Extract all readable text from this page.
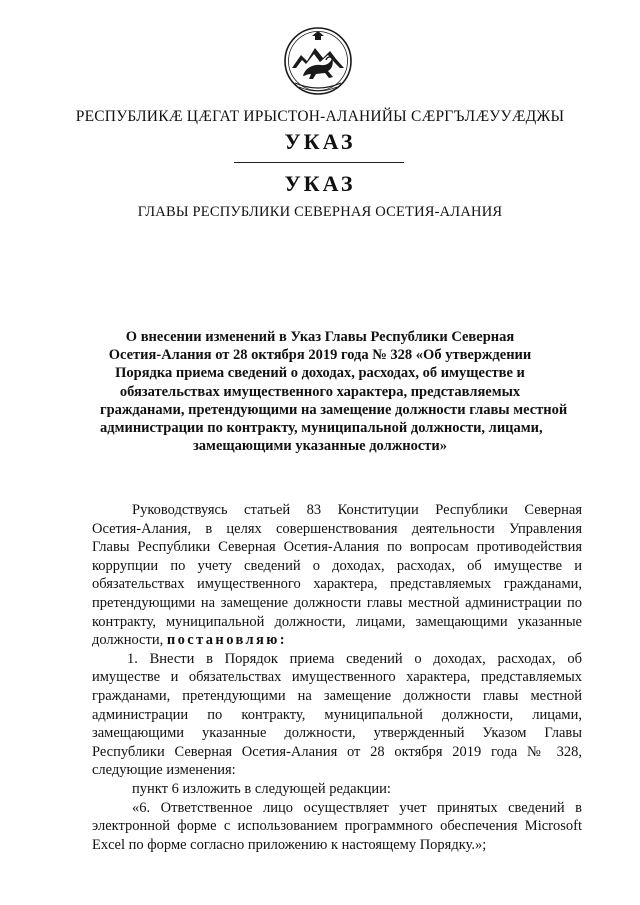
РЕСПУБЛИКӔ ЦӔГАТ ИРЫСТОН-АЛАНИЙЫ СӔРГЪЛӔУУӔДЖЫ
УКАЗ
УКАЗ
ГЛАВЫ РЕСПУБЛИКИ СЕВЕРНАЯ ОСЕТИЯ-АЛАНИЯ
О внесении изменений в Указ Главы Республики Северная
Осетия-Алания от 28 октября 2019 года № 328 «Об утверждении
Порядка приема сведений о доходах, расходах, об имуществе и
обязательствах имущественного характера, представляемых
гражданами, претендующими на замещение должности главы местной
администрации по контракту, муниципальной должности, лицами,
замещающими указанные должности»
Руководствуясь статьей 83 Конституции Республики Северная
Осетия-Алания, в целях совершенствования деятельности Управления
Главы Республики Северная Осетия-Алания по вопросам противодействия
коррупции по учету сведений о доходах, расходах, об имуществе и
обязательствах имущественного характера, представляемых гражданами,
претендующими на замещение должности главы местной администрации по
контракту, муниципальной должности, лицами, замещающими указанные
должности, постановляю:
1. Внести в Порядок приема сведений о доходах, расходах, об
имуществе и обязательствах имущественного характера, представляемых
гражданами, претендующими на замещение должности главы местной
администрации по контракту, муниципальной должности, лицами,
замещающими указанные должности, утвержденный Указом Главы
Республики Северная Осетия-Алания от 28 октября 2019 года № 328,
следующие изменения:
пункт 6 изложить в следующей редакции:
«6. Ответственное лицо осуществляет учет принятых сведений в
электронной форме с использованием программного обеспечения Microsoft
Excel по форме согласно приложению к настоящему Порядку.»;
